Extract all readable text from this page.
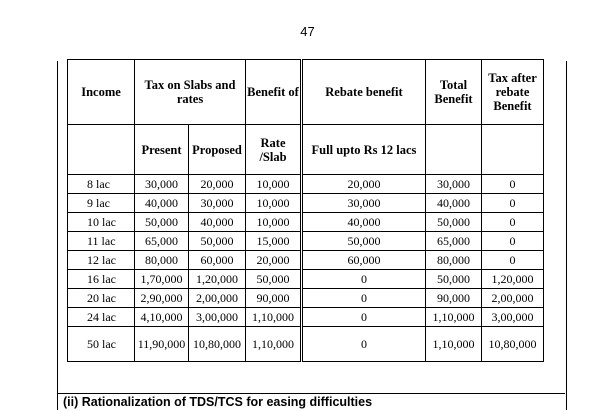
47
Income	Tax on Slabs and rates		Benefit of	Rebate benefit	Total Benefit	Tax after rebate Benefit
	Present	Proposed	Rate /Slab	Full upto Rs 12 lacs		
8 lac	30,000	20,000	10,000	20,000	30,000	0
9 lac	40,000	30,000	10,000	30,000	40,000	0
10 lac	50,000	40,000	10,000	40,000	50,000	0
11 lac	65,000	50,000	15,000	50,000	65,000	0
12 lac	80,000	60,000	20,000	60,000	80,000	0
16 lac	1,70,000	1,20,000	50,000	0	50,000	1,20,000
20 lac	2,90,000	2,00,000	90,000	0	90,000	2,00,000
24 lac	4,10,000	3,00,000	1,10,000	0	1,10,000	3,00,000
50 lac	11,90,000	10,80,000	1,10,000	0	1,10,000	10,80,000
(ii) Rationalization of TDS/TCS for easing difficulties
